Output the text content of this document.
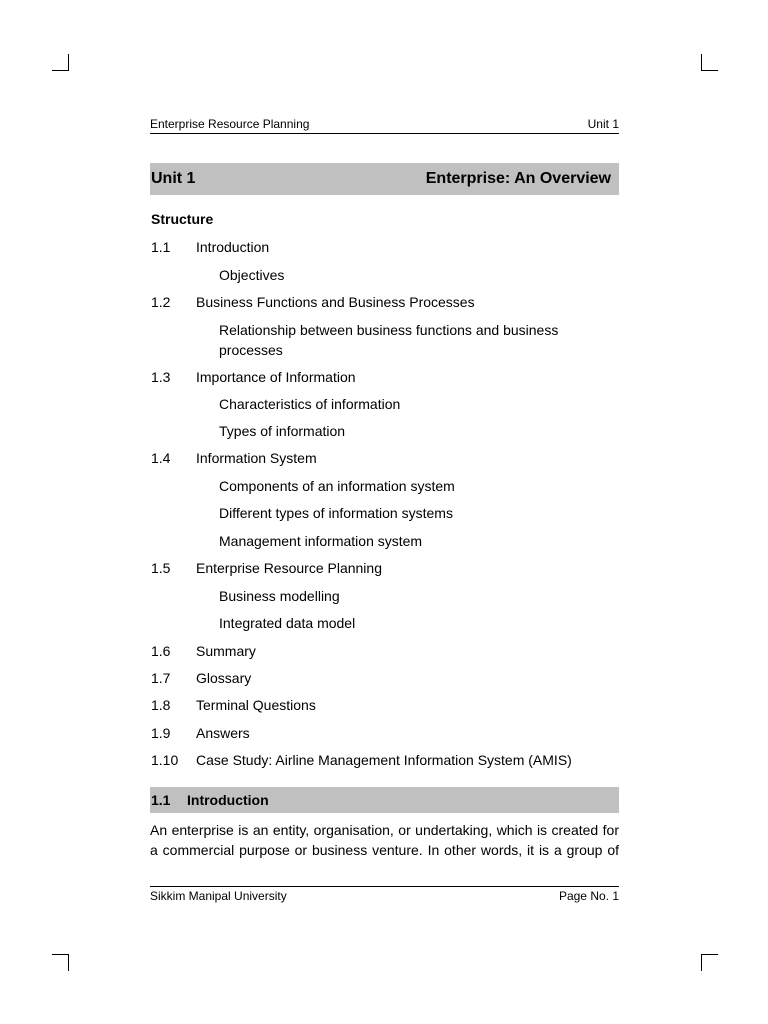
Enterprise Resource Planning	Unit 1
Unit 1	Enterprise: An Overview
Structure
1.1	Introduction
Objectives
1.2	Business Functions and Business Processes
Relationship between business functions and business processes
1.3	Importance of Information
Characteristics of information
Types of information
1.4	Information System
Components of an information system
Different types of information systems
Management information system
1.5	Enterprise Resource Planning
Business modelling
Integrated data model
1.6	Summary
1.7	Glossary
1.8	Terminal Questions
1.9	Answers
1.10	Case Study: Airline Management Information System (AMIS)
1.1 Introduction
An enterprise is an entity, organisation, or undertaking, which is created for a commercial purpose or business venture. In other words, it is a group of
Sikkim Manipal University	Page No. 1
